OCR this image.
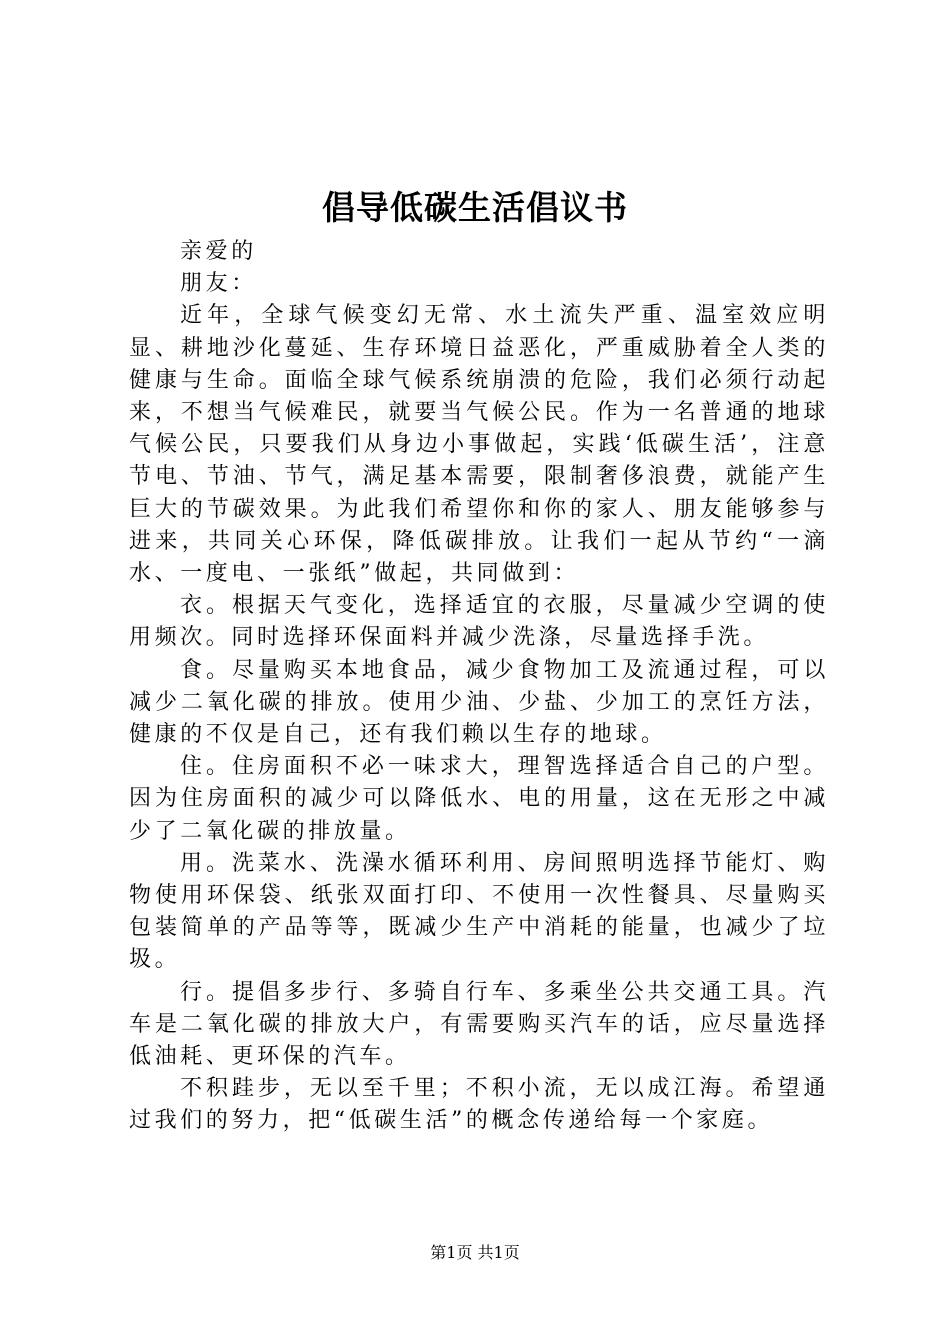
倡导低碳生活倡议书

亲爱的

朋友：

近年，全球气候变幻无常、水土流失严重、温室效应明显、耕地沙化蔓延、生存环境日益恶化，严重威胁着全人类的健康与生命。面临全球气候系统崩溃的危险，我们必须行动起来，不想当气候难民，就要当气候公民。作为一名普通的地球气候公民，只要我们从身边小事做起，实践‘低碳生活’，注意节电、节油、节气，满足基本需要，限制奢侈浪费，就能产生巨大的节碳效果。为此我们希望你和你的家人、朋友能够参与进来，共同关心环保，降低碳排放。让我们一起从节约“一滴水、一度电、一张纸”做起，共同做到：

衣。根据天气变化，选择适宜的衣服，尽量减少空调的使用频次。同时选择环保面料并减少洗涤，尽量选择手洗。

食。尽量购买本地食品，减少食物加工及流通过程，可以减少二氧化碳的排放。使用少油、少盐、少加工的烹饪方法，健康的不仅是自己，还有我们赖以生存的地球。

住。住房面积不必一味求大，理智选择适合自己的户型。因为住房面积的减少可以降低水、电的用量，这在无形之中减少了二氧化碳的排放量。

用。洗菜水、洗澡水循环利用、房间照明选择节能灯、购物使用环保袋、纸张双面打印、不使用一次性餐具、尽量购买包装简单的产品等等，既减少生产中消耗的能量，也减少了垃圾。

行。提倡多步行、多骑自行车、多乘坐公共交通工具。汽车是二氧化碳的排放大户，有需要购买汽车的话，应尽量选择低油耗、更环保的汽车。

不积跬步，无以至千里；不积小流，无以成江海。希望通过我们的努力，把“低碳生活”的概念传递给每一个家庭。

第1页 共1页
